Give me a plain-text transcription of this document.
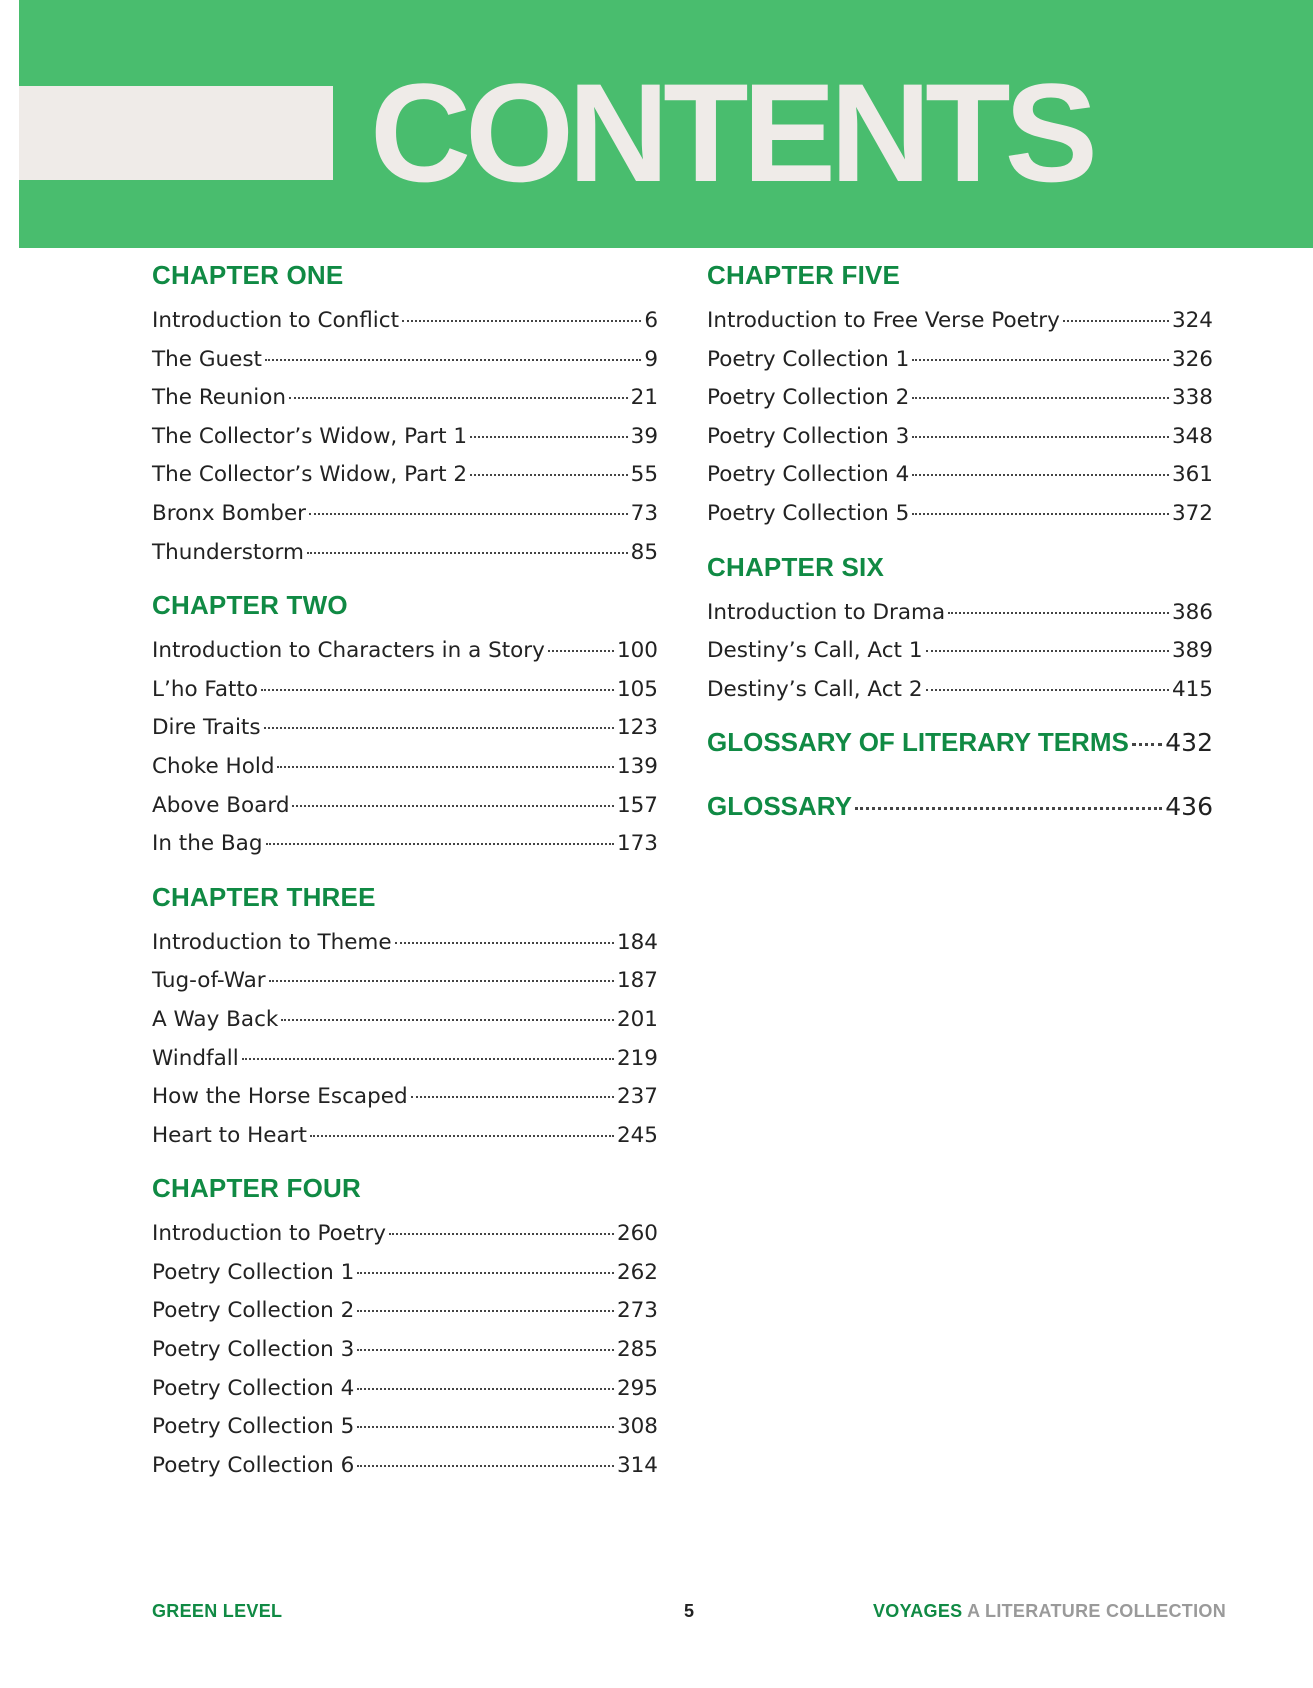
CONTENTS
CHAPTER ONE
Introduction to Conflict	6
The Guest	9
The Reunion	21
The Collector’s Widow, Part 1	39
The Collector’s Widow, Part 2	55
Bronx Bomber	73
Thunderstorm	85
CHAPTER TWO
Introduction to Characters in a Story	100
L’ho Fatto	105
Dire Traits	123
Choke Hold	139
Above Board	157
In the Bag	173
CHAPTER THREE
Introduction to Theme	184
Tug-of-War	187
A Way Back	201
Windfall	219
How the Horse Escaped	237
Heart to Heart	245
CHAPTER FOUR
Introduction to Poetry	260
Poetry Collection 1	262
Poetry Collection 2	273
Poetry Collection 3	285
Poetry Collection 4	295
Poetry Collection 5	308
Poetry Collection 6	314
CHAPTER FIVE
Introduction to Free Verse Poetry	324
Poetry Collection 1	326
Poetry Collection 2	338
Poetry Collection 3	348
Poetry Collection 4	361
Poetry Collection 5	372
CHAPTER SIX
Introduction to Drama	386
Destiny’s Call, Act 1	389
Destiny’s Call, Act 2	415
GLOSSARY OF LITERARY TERMS 432
GLOSSARY	436
GREEN LEVEL	5	VOYAGES A LITERATURE COLLECTION
